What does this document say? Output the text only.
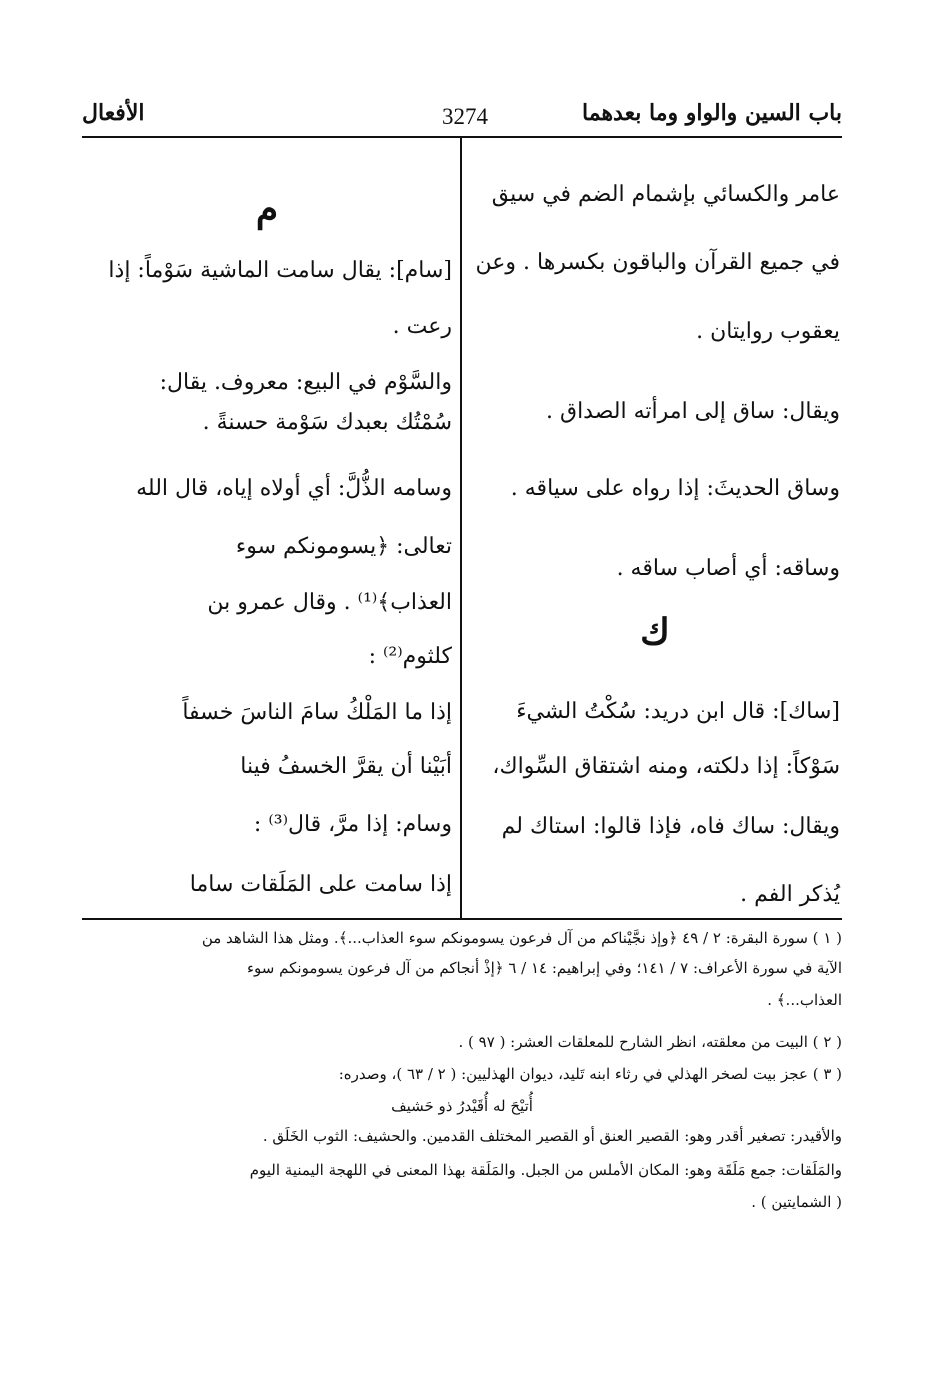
باب السين والواو وما بعدهما
3274
الأفعال
عامر والكسائي بإشمام الضم في سيق
في جميع القرآن والباقون بكسرها . وعن
يعقوب روايتان .
ويقال: ساق إلى امرأته الصداق .
وساق الحديثَ: إذا رواه على سياقه .
وساقه: أي أصاب ساقه .
ك
[ساك]: قال ابن دريد: سُكْتُ الشيءَ
سَوْكاً: إذا دلكته، ومنه اشتقاق السِّواك،
ويقال: ساك فاه، فإذا قالوا: استاك لم
يُذكر الفم .
م
[سام]: يقال سامت الماشية سَوْماً: إذا
رعت .
والسَّوْم في البيع: معروف. يقال:
سُمْتُك بعبدك سَوْمة حسنةً .
وسامه الذُّلَّ: أي أولاه إياه، قال الله
تعالى: ﴿يسومونكم سوء
العذاب﴾⁽¹⁾ . وقال عمرو بن
كلثوم⁽²⁾ :
إذا ما المَلْكُ سامَ الناسَ خسفاً
أبَيْنا أن يقرَّ الخسفُ فينا
وسام: إذا مرَّ، قال⁽³⁾ :
إذا سامت على المَلَقات ساما
( ١ ) سورة البقرة: ٢ / ٤٩ ﴿وإذ نجَّيْناكم من آل فرعون يسومونكم سوء العذاب...﴾. ومثل هذا الشاهد من
الآية في سورة الأعراف: ٧ / ١٤١؛ وفي إبراهيم: ١٤ / ٦ ﴿إذْ أنجاكم من آل فرعون يسومونكم سوء
العذاب...﴾ .
( ٢ ) البيت من معلقته، انظر الشارح للمعلقات العشر: ( ٩٧ ) .
( ٣ ) عجز بيت لصخر الهذلي في رثاء ابنه تَليد، ديوان الهذليين: ( ٢ / ٦٣ )، وصدره:
أُتيْحَ له أُقَيْدرُ ذو حَشيف
والأقيدر: تصغير أقدر وهو: القصير العنق أو القصير المختلف القدمين. والحشيف: الثوب الخَلَق .
والمَلَقات: جمع مَلَقَة وهو: المكان الأملس من الجبل. والمَلَقة بهذا المعنى في اللهجة اليمنية اليوم
( الشمايتين ) .
